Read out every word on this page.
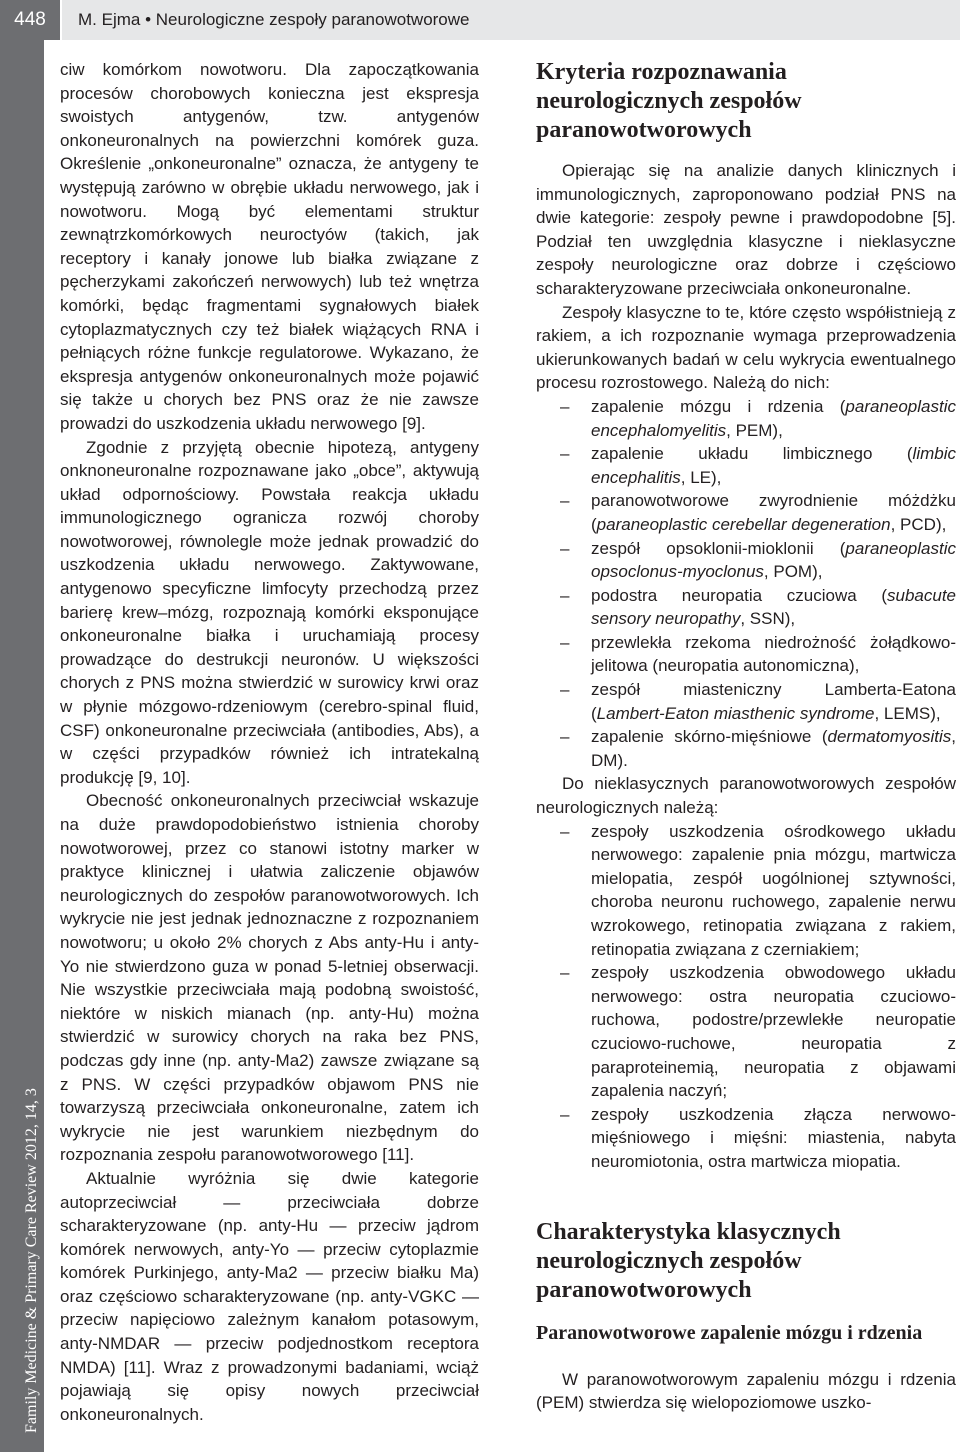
448	M. Ejma • Neurologiczne zespoły paranowotworowe
Family Medicine & Primary Care Review 2012, 14, 3

ciw komórkom nowotworu. Dla zapoczątkowania procesów chorobowych konieczna jest ekspresja swoistych antygenów, tzw. antygenów onkoneuronalnych na powierzchni komórek guza. Określenie „onkoneuronalne” oznacza, że antygeny te występują zarówno w obrębie układu nerwowego, jak i nowotworu. Mogą być elementami struktur zewnątrzkomórkowych neuroctyów (takich, jak receptory i kanały jonowe lub białka związane z pęcherzykami zakończeń nerwowych) lub też wnętrza komórki, będąc fragmentami sygnałowych białek cytoplazmatycznych czy też białek wiążących RNA i pełniących różne funkcje regulatorowe. Wykazano, że ekspresja antygenów onkoneuronalnych może pojawić się także u chorych bez PNS oraz że nie zawsze prowadzi do uszkodzenia układu nerwowego [9].

Zgodnie z przyjętą obecnie hipotezą, antygeny onknoneuronalne rozpoznawane jako „obce”, aktywują układ odpornościowy. Powstała reakcja układu immunologicznego ogranicza rozwój choroby nowotworowej, równolegle może jednak prowadzić do uszkodzenia układu nerwowego. Zaktywowane, antygenowo specyficzne limfocyty przechodzą przez barierę krew–mózg, rozpoznają komórki eksponujące onkoneuronalne białka i uruchamiają procesy prowadzące do destrukcji neuronów. U większości chorych z PNS można stwierdzić w surowicy krwi oraz w płynie mózgowo-rdzeniowym (cerebro-spinal fluid, CSF) onkoneuronalne przeciwciała (antibodies, Abs), a w części przypadków również ich intratekalną produkcję [9, 10].

Obecność onkoneuronalnych przeciwciał wskazuje na duże prawdopodobieństwo istnienia choroby nowotworowej, przez co stanowi istotny marker w praktyce klinicznej i ułatwia zaliczenie objawów neurologicznych do zespołów paranowotworowych. Ich wykrycie nie jest jednak jednoznaczne z rozpoznaniem nowotworu; u około 2% chorych z Abs anty-Hu i anty-Yo nie stwierdzono guza w ponad 5-letniej obserwacji. Nie wszystkie przeciwciała mają podobną swoistość, niektóre w niskich mianach (np. anty-Hu) można stwierdzić w surowicy chorych na raka bez PNS, podczas gdy inne (np. anty-Ma2) zawsze związane są z PNS. W części przypadków objawom PNS nie towarzyszą przeciwciała onkoneuronalne, zatem ich wykrycie nie jest warunkiem niezbędnym do rozpoznania zespołu paranowotworowego [11].

Aktualnie wyróżnia się dwie kategorie autoprzeciwciał — przeciwciała dobrze scharakteryzowane (np. anty-Hu — przeciw jądrom komórek nerwowych, anty-Yo — przeciw cytoplazmie komórek Purkinjego, anty-Ma2 — przeciw białku Ma) oraz częściowo scharakteryzowane (np. anty-VGKC — przeciw napięciowo zależnym kanałom potasowym, anty-NMDAR — przeciw podjednostkom receptora NMDA) [11]. Wraz z prowadzonymi badaniami, wciąż pojawiają się opisy nowych przeciwciał onkoneuronalnych.

Kryteria rozpoznawania neurologicznych zespołów paranowotworowych

Opierając się na analizie danych klinicznych i immunologicznych, zaproponowano podział PNS na dwie kategorie: zespoły pewne i prawdopodobne [5]. Podział ten uwzględnia klasyczne i nieklasyczne zespoły neurologiczne oraz dobrze i częściowo scharakteryzowane przeciwciała onkoneuronalne.

Zespoły klasyczne to te, które często współistnieją z rakiem, a ich rozpoznanie wymaga przeprowadzenia ukierunkowanych badań w celu wykrycia ewentualnego procesu rozrostowego. Należą do nich:

– zapalenie mózgu i rdzenia (paraneoplastic encephalomyelitis, PEM),
– zapalenie układu limbicznego (limbic encephalitis, LE),
– paranowotworowe zwyrodnienie móżdżku (paraneoplastic cerebellar degeneration, PCD),
– zespół opsoklonii-mioklonii (paraneoplastic opsoclonus-myoclonus, POM),
– podostra neuropatia czuciowa (subacute sensory neuropathy, SSN),
– przewlekła rzekoma niedrożność żołądkowo-jelitowa (neuropatia autonomiczna),
– zespół miasteniczny Lamberta-Eatona (Lambert-Eaton miasthenic syndrome, LEMS),
– zapalenie skórno-mięśniowe (dermatomyositis, DM).

Do nieklasycznych paranowotworowych zespołów neurologicznych należą:

– zespoły uszkodzenia ośrodkowego układu nerwowego: zapalenie pnia mózgu, martwicza mielopatia, zespół uogólnionej sztywności, choroba neuronu ruchowego, zapalenie nerwu wzrokowego, retinopatia związana z rakiem, retinopatia związana z czerniakiem;
– zespoły uszkodzenia obwodowego układu nerwowego: ostra neuropatia czuciowo-ruchowa, podostre/przewlekłe neuropatie czuciowo-ruchowe, neuropatia z paraproteinemią, neuropatia z objawami zapalenia naczyń;
– zespoły uszkodzenia złącza nerwowo-mięśniowego i mięśni: miastenia, nabyta neuromiotonia, ostra martwicza miopatia.
Charakterystyka klasycznych neurologicznych zespołów paranowotworowych
Paranowotworowe zapalenie mózgu i rdzenia

W paranowotworowym zapaleniu mózgu i rdzenia (PEM) stwierdza się wielopoziomowe uszko-
